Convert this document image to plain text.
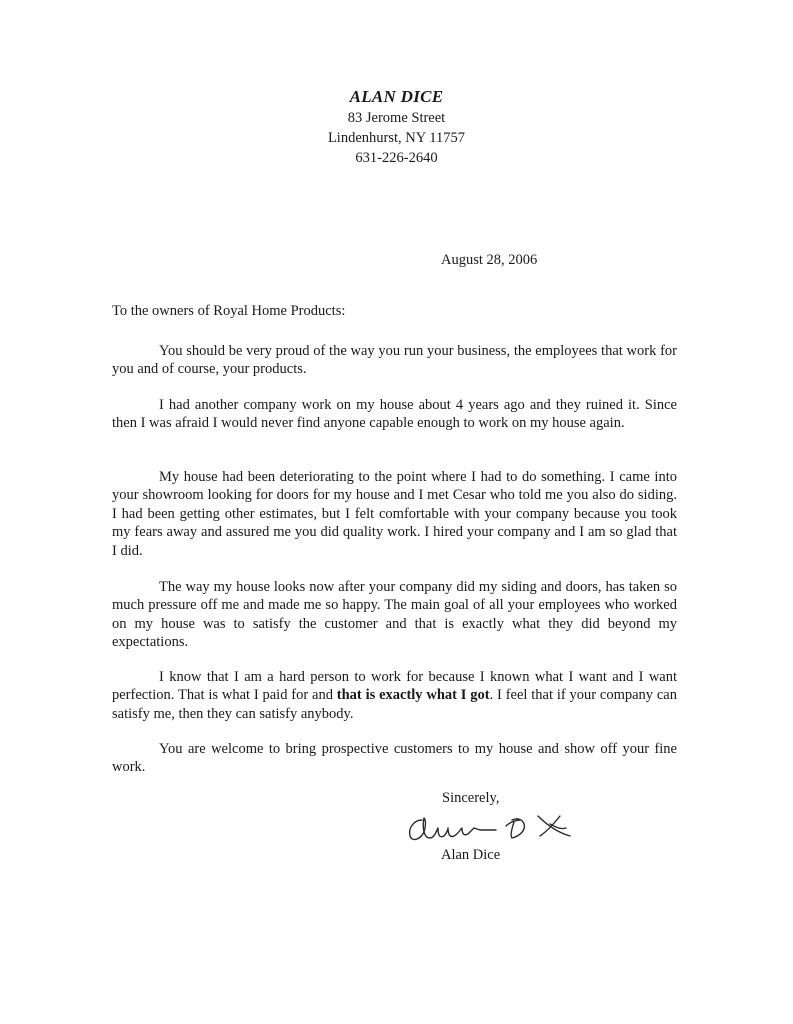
ALAN DICE
83 Jerome Street
Lindenhurst, NY 11757
631-226-2640
August 28, 2006
To the owners of Royal Home Products:

You should be very proud of the way you run your business, the employees that work for you and of course, your products.

I had another company work on my house about 4 years ago and they ruined it. Since then I was afraid I would never find anyone capable enough to work on my house again.

My house had been deteriorating to the point where I had to do something. I came into your showroom looking for doors for my house and I met Cesar who told me you also do siding. I had been getting other estimates, but I felt comfortable with your company because you took my fears away and assured me you did quality work. I hired your company and I am so glad that I did.

The way my house looks now after your company did my siding and doors, has taken so much pressure off me and made me so happy. The main goal of all your employees who worked on my house was to satisfy the customer and that is exactly what they did beyond my expectations.

I know that I am a hard person to work for because I known what I want and I want perfection. That is what I paid for and that is exactly what I got. I feel that if your company can satisfy me, then they can satisfy anybody.

You are welcome to bring prospective customers to my house and show off your fine work.

Sincerely,
Alan Dice
